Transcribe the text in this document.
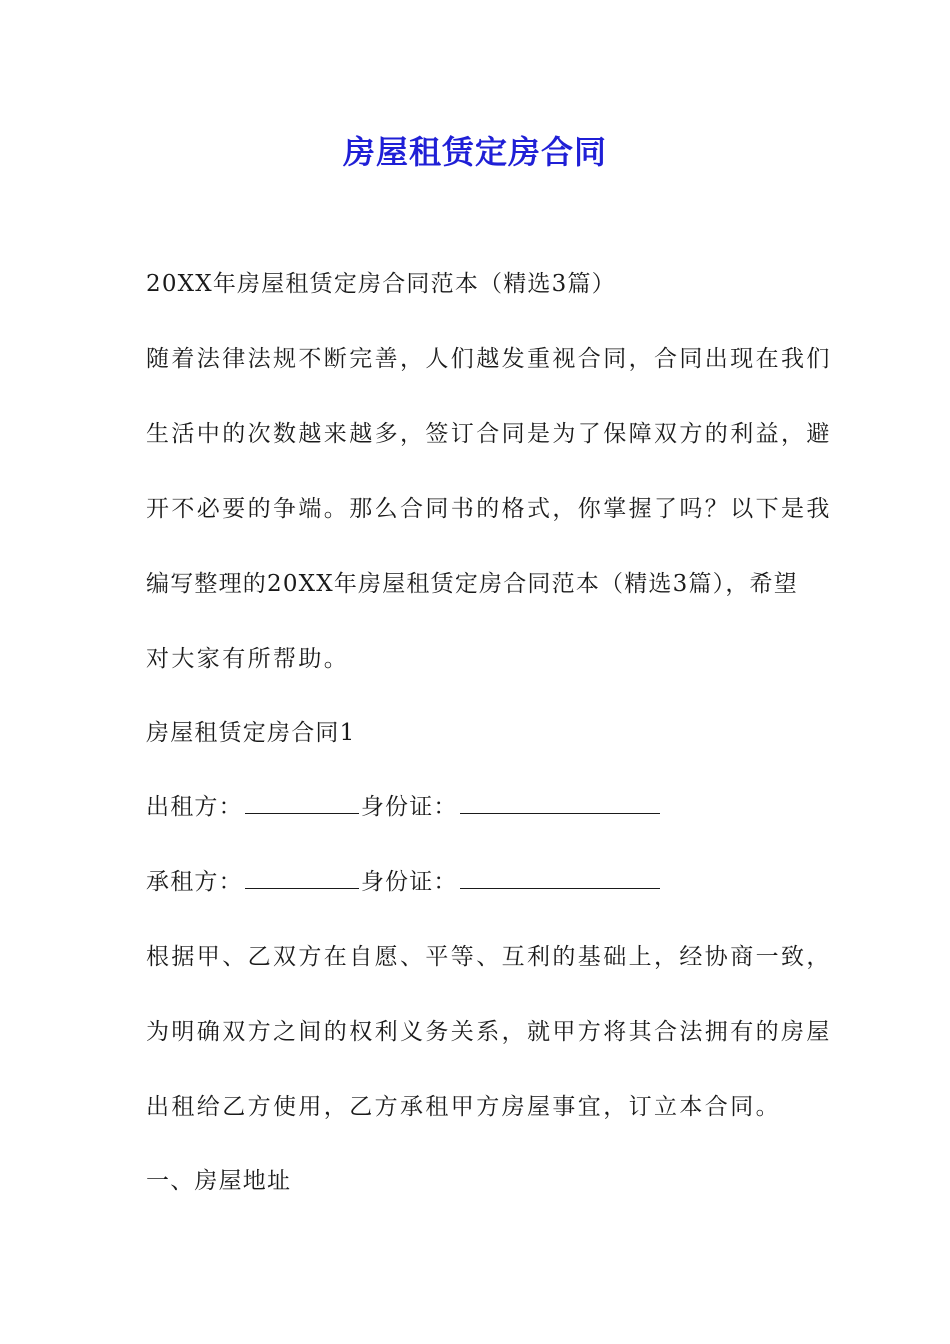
房屋租赁定房合同

20XX年房屋租赁定房合同范本（精选3篇）

随着法律法规不断完善，人们越发重视合同，合同出现在我们

生活中的次数越来越多，签订合同是为了保障双方的利益，避

开不必要的争端。那么合同书的格式，你掌握了吗？以下是我

编写整理的20XX年房屋租赁定房合同范本（精选3篇），希望

对大家有所帮助。

房屋租赁定房合同1

出租方：	身份证：

承租方：	身份证：

根据甲、乙双方在自愿、平等、互利的基础上，经协商一致，

为明确双方之间的权利义务关系，就甲方将其合法拥有的房屋

出租给乙方使用，乙方承租甲方房屋事宜，订立本合同。

一、房屋地址
